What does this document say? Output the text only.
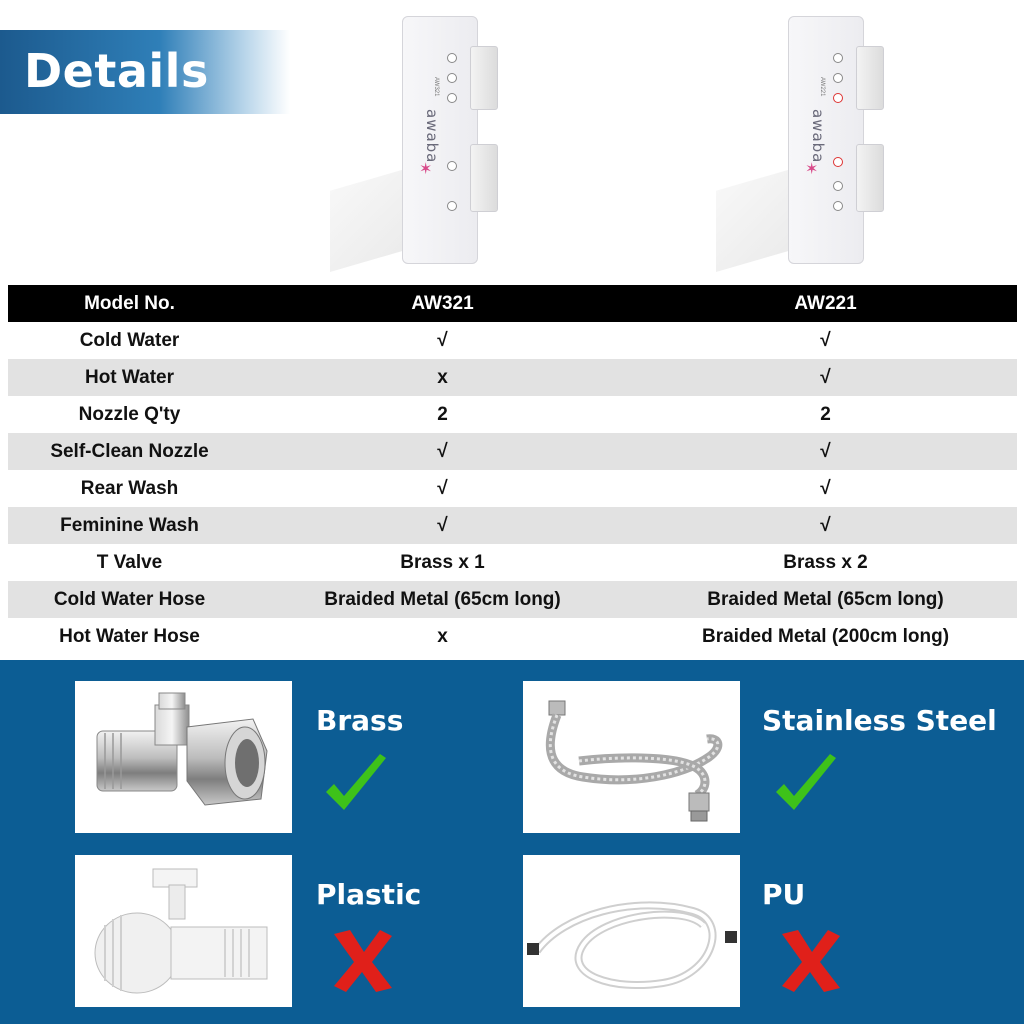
Details	AW321
awaba
✶
AW221
awaba
✶
Model No.	AW321	AW221
Cold Water	√	√
Hot Water	x	√
Nozzle Q'ty	2	2
Self-Clean Nozzle	√	√
Rear Wash	√	√
Feminine Wash	√	√
T Valve	Brass x 1	Brass x 2
Cold Water Hose	Braided Metal (65cm long)	Braided Metal (65cm long)
Hot Water Hose	x	Braided Metal (200cm long)
Brass	Stainless Steel
Plastic	PU
